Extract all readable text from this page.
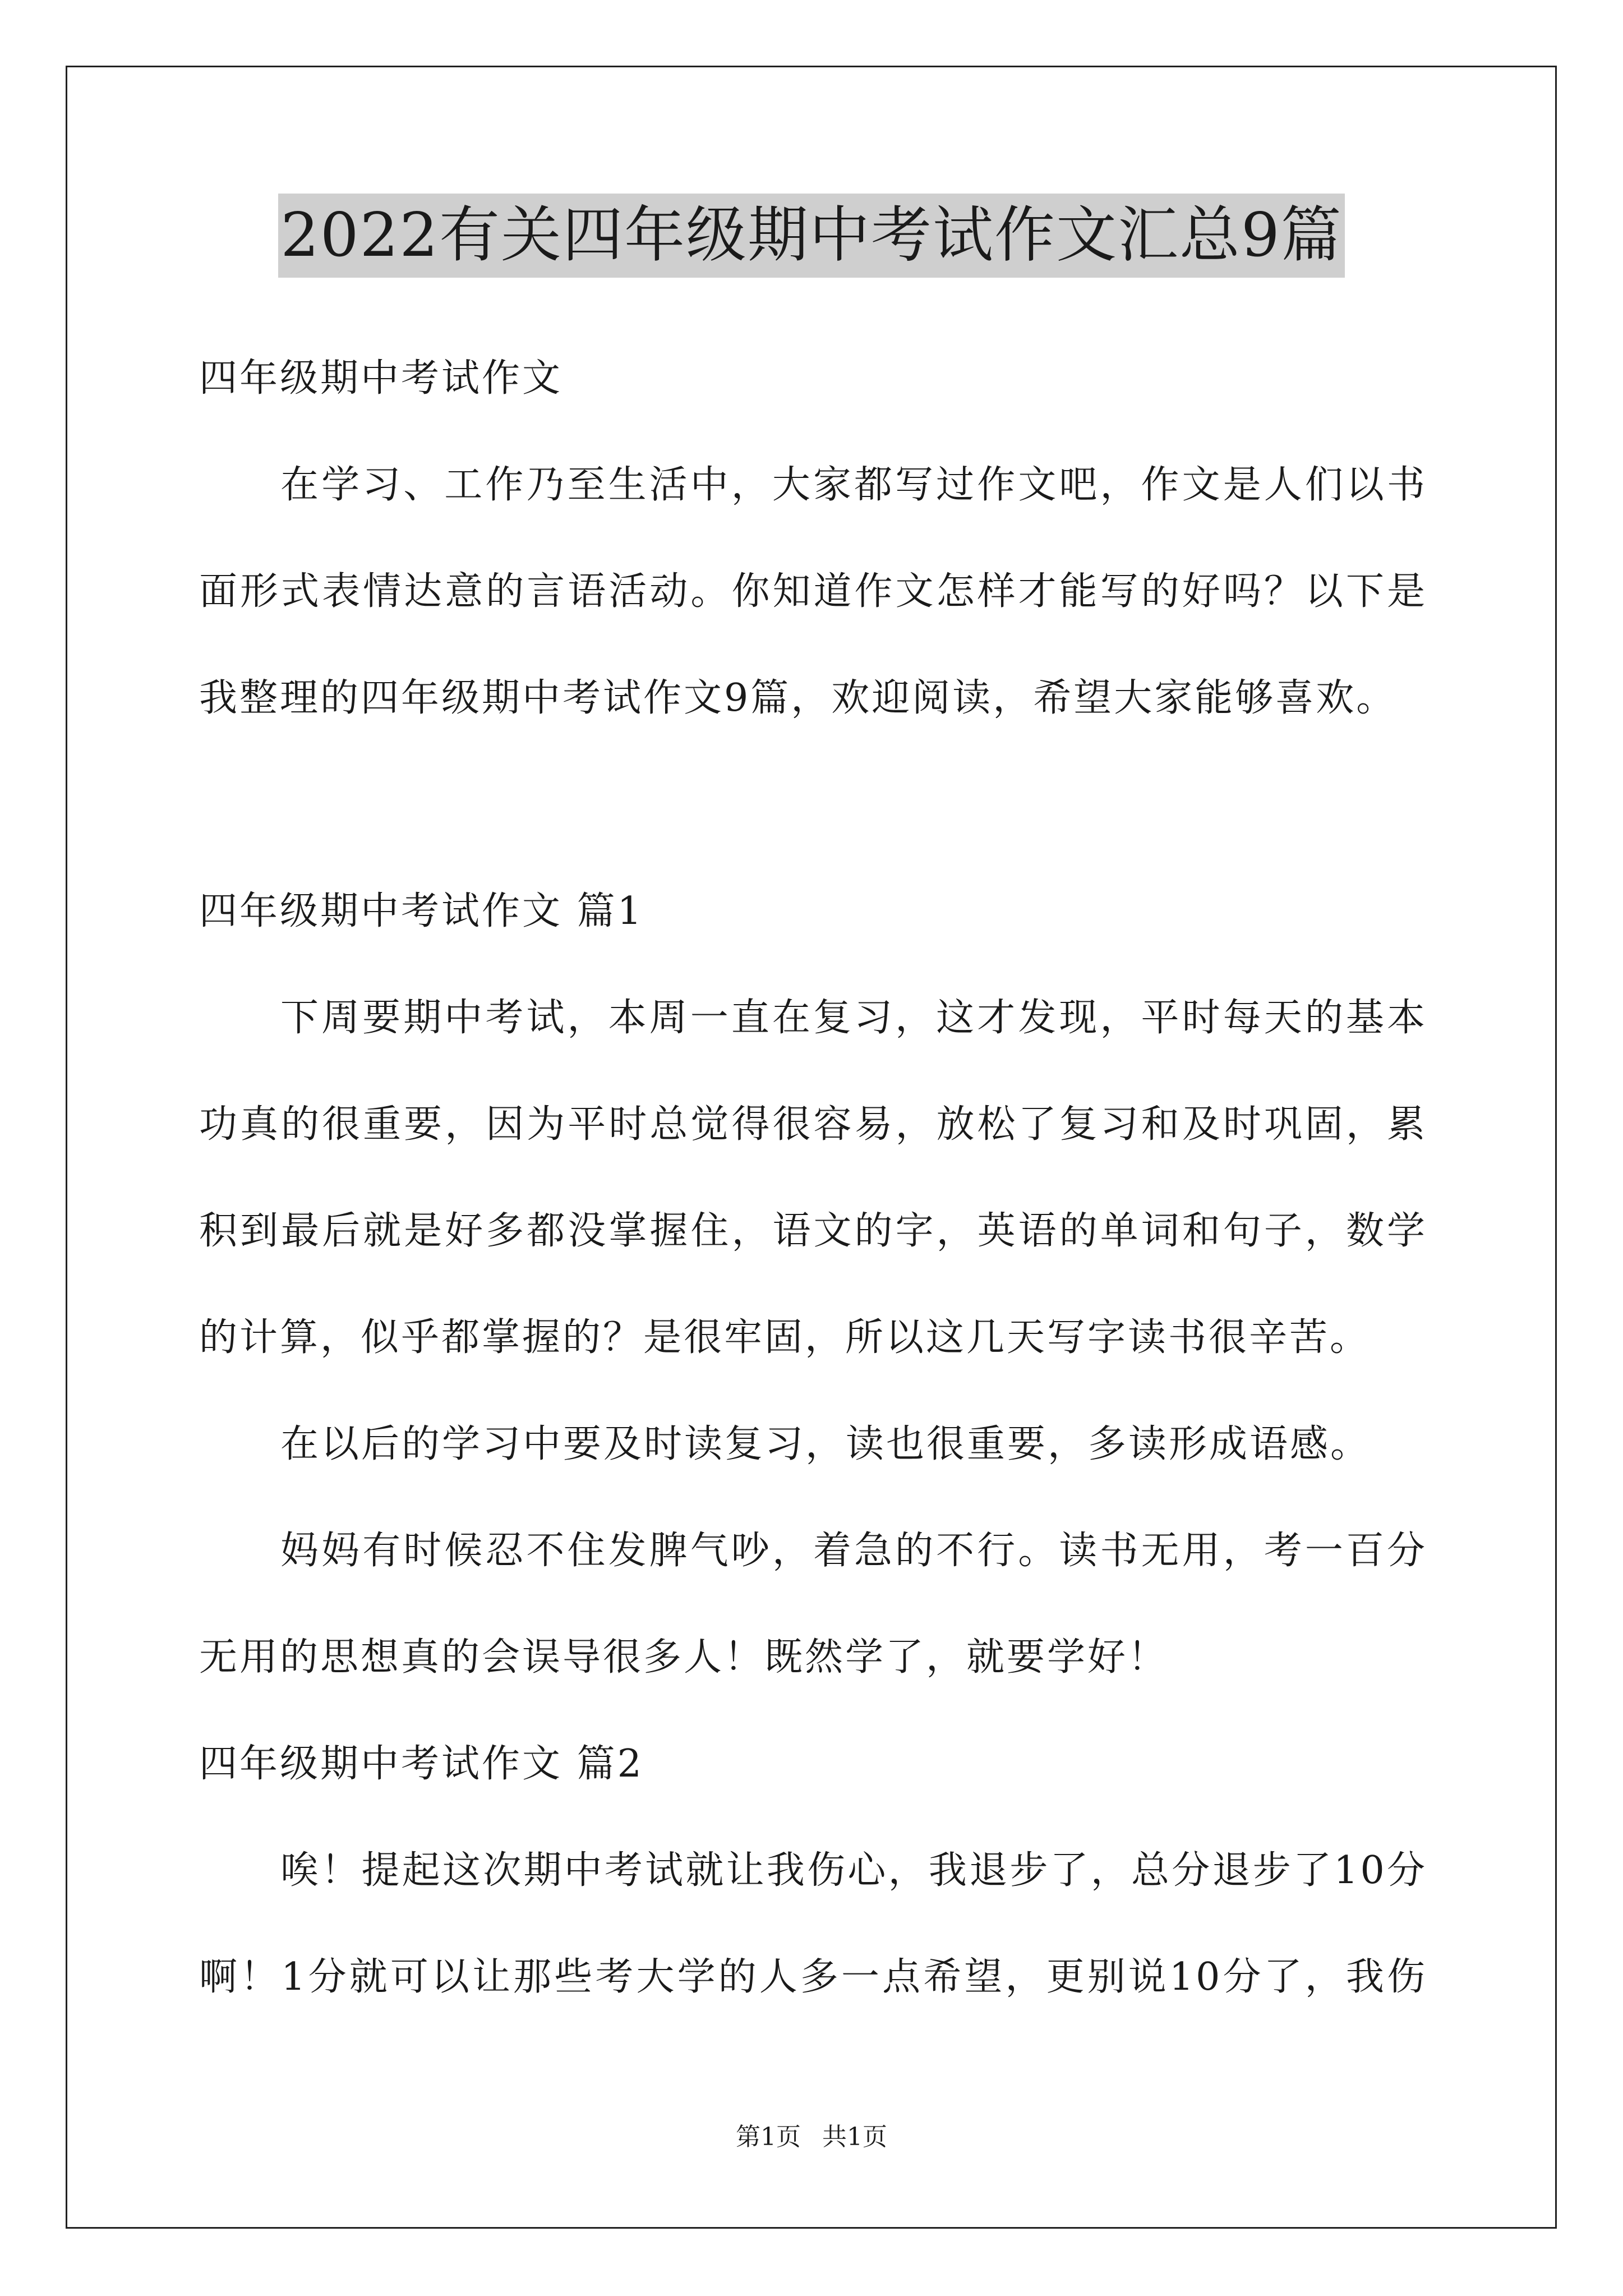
2022有关四年级期中考试作文汇总9篇
四年级期中考试作文
在学习、工作乃至生活中，大家都写过作文吧，作文是人们以书
面形式表情达意的言语活动。你知道作文怎样才能写的好吗？以下是
我整理的四年级期中考试作文9篇，欢迎阅读，希望大家能够喜欢。
四年级期中考试作文 篇1
下周要期中考试，本周一直在复习，这才发现，平时每天的基本
功真的很重要，因为平时总觉得很容易，放松了复习和及时巩固，累
积到最后就是好多都没掌握住，语文的字，英语的单词和句子，数学
的计算，似乎都掌握的？是很牢固，所以这几天写字读书很辛苦。
在以后的学习中要及时读复习，读也很重要，多读形成语感。
妈妈有时候忍不住发脾气吵，着急的不行。读书无用，考一百分
无用的思想真的会误导很多人！既然学了，就要学好！
四年级期中考试作文 篇2
唉！提起这次期中考试就让我伤心，我退步了，总分退步了10分
啊！1分就可以让那些考大学的人多一点希望，更别说10分了，我伤
第1页 共1页
